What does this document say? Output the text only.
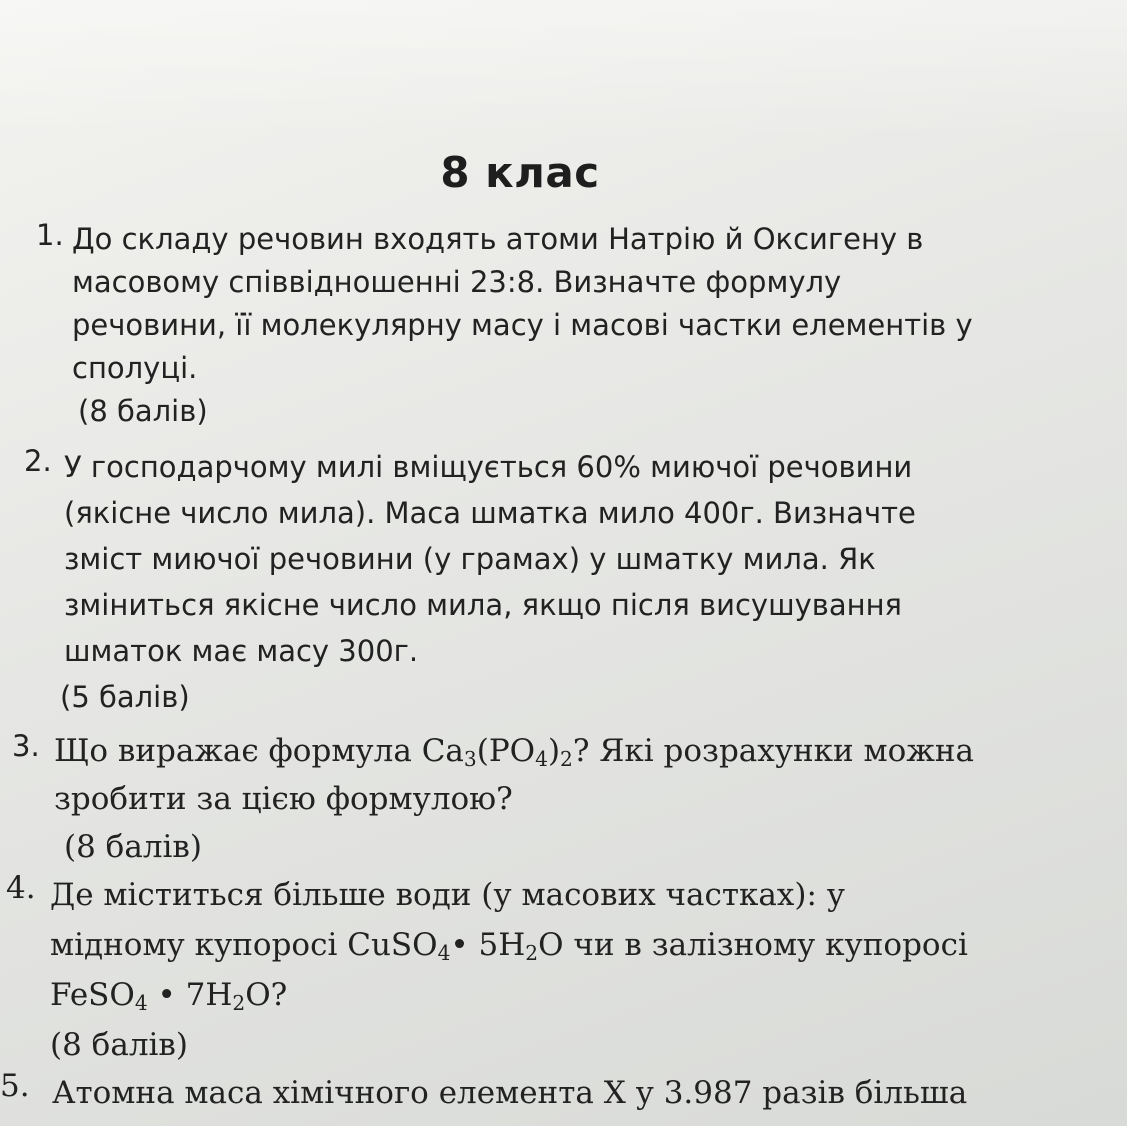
8 клас
1. До складу речовин входять атоми Натрію й Оксигену в
масовому співвідношенні 23:8. Визначте формулу
речовини, її молекулярну масу і масові частки елементів у
сполуці.
(8 балів)
2. У господарчому милі вміщується 60% миючої речовини
(якісне число мила). Маса шматка мило 400г. Визначте
зміст миючої речовини (у грамах) у шматку мила. Як
зміниться якісне число мила, якщо після висушування
шматок має масу 300г.
(5 балів)
3. Що виражає формула $Ca_3(PO_4)_2$? Які розрахунки можна
зробити за цією формулою?
(8 балів)
4. Де міститься більше води (у масових частках): у
мідному купоросі CuSO$_4$• $5H_2O$ чи в залізному купоросі
FeSO$_4$ • $7H_2O$?
(8 балів)
5. Атомна маса хімічного елемента X у 3.987 разів більша
